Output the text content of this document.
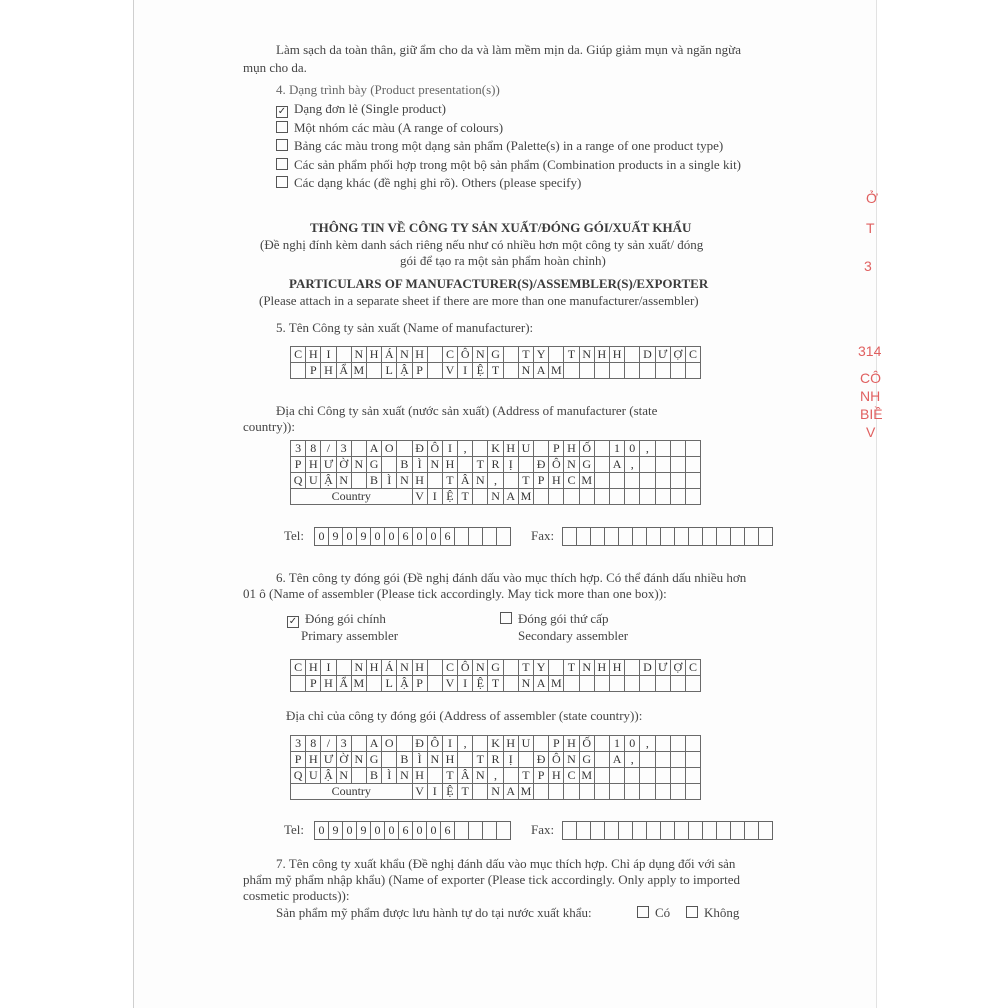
Làm sạch da toàn thân, giữ ẩm cho da và làm mềm mịn da. Giúp giảm mụn và ngăn ngừa
mụn cho da.
4. Dạng trình bày (Product presentation(s))
✓ Dạng đơn lẻ (Single product)
Một nhóm các màu (A range of colours)
Bảng các màu trong một dạng sản phẩm (Palette(s) in a range of one product type)
Các sản phẩm phối hợp trong một bộ sản phẩm (Combination products in a single kit)
Các dạng khác (đề nghị ghi rõ). Others (please specify)
THÔNG TIN VỀ CÔNG TY SẢN XUẤT/ĐÓNG GÓI/XUẤT KHẨU
(Đề nghị đính kèm danh sách riêng nếu như có nhiều hơn một công ty sản xuất/ đóng
gói để tạo ra một sản phẩm hoàn chỉnh)
PARTICULARS OF MANUFACTURER(S)/ASSEMBLER(S)/EXPORTER
(Please attach in a separate sheet if there are more than one manufacturer/assembler)
5. Tên Công ty sản xuất (Name of manufacturer):
C	H	I		N	H	Á	N	H		C	Ô	N	G		T	Y		T	N	H	H		D	Ư	Ợ	C
	P	H	Ẩ	M		L	Ậ	P		V	I	Ệ	T		N	A	M									
Địa chỉ Công ty sản xuất (nước sản xuất) (Address of manufacturer (state
country)):
3	8	/	3		A	O		Đ	Ô	I	,		K	H	U		P	H	Ố		1	0	,			
P	H	Ư	Ờ	N	G		B	Ì	N	H		T	R	Ị		Đ	Ô	N	G		A	,				
Q	U	Ậ	N		B	Ì	N	H		T	Â	N	,		T	P	H	C	M							
Country								V	I	Ệ	T		N	A	M											
Tel:	0 9 0 9 0 0 6 0 0 6	Fax:
6. Tên công ty đóng gói (Đề nghị đánh dấu vào mục thích hợp. Có thể đánh dấu nhiều hơn
01 ô (Name of assembler (Please tick accordingly. May tick more than one box)):
✓ Đóng gói chính
Primary assembler
Đóng gói thứ cấp
Secondary assembler
C	H	I		N	H	Á	N	H		C	Ô	N	G		T	Y		T	N	H	H		D	Ư	Ợ	C
	P	H	Ẩ	M		L	Ậ	P		V	I	Ệ	T		N	A	M									
Địa chỉ của công ty đóng gói (Address of assembler (state country)):
3	8	/	3		A	O		Đ	Ô	I	,		K	H	U		P	H	Ố		1	0	,			
P	H	Ư	Ờ	N	G		B	Ì	N	H		T	R	Ị		Đ	Ô	N	G		A	,				
Q	U	Ậ	N		B	Ì	N	H		T	Â	N	,		T	P	H	C	M							
Country								V	I	Ệ	T		N	A	M											
Tel:	0 9 0 9 0 0 6 0 0 6	Fax:
7. Tên công ty xuất khẩu (Đề nghị đánh dấu vào mục thích hợp. Chỉ áp dụng đối với sản
phẩm mỹ phẩm nhập khẩu) (Name of exporter (Please tick accordingly. Only apply to imported
cosmetic products)):
Sản phẩm mỹ phẩm được lưu hành tự do tại nước xuất khẩu:	Có	Không
Ở
T
3
314
CÔ
NH
BIỀ
V
